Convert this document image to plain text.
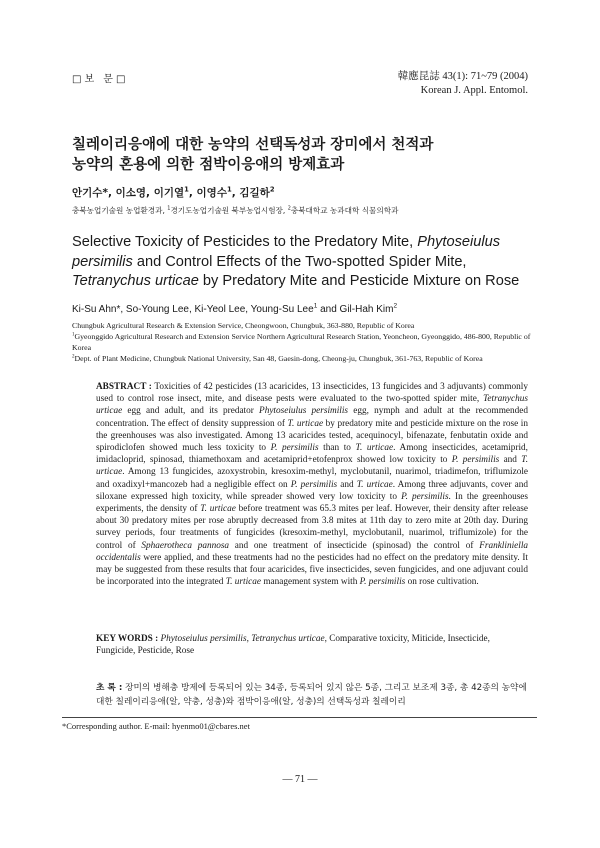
□보 문□	韓應昆誌 43(1): 71~79 (2004)
Korean J. Appl. Entomol.
칠레이리응애에 대한 농약의 선택독성과 장미에서 천적과
농약의 혼용에 의한 점박이응애의 방제효과
안기수*, 이소영, 이기열$^1$, 이영수$^1$, 김길하$^2$
충북농업기술원 농업환경과, $^1$경기도농업기술원 북부농업시험장, $^2$충북대학교 농과대학 식물의학과
Selective Toxicity of Pesticides to the Predatory Mite, Phytoseiulus persimilis and Control Effects of the Two-spotted Spider Mite, Tetranychus urticae by Predatory Mite and Pesticide Mixture on Rose
Ki-Su Ahn*, So-Young Lee, Ki-Yeol Lee, Young-Su Lee$^1$ and Gil-Hah Kim$^2$
Chungbuk Agricultural Research & Extension Service, Cheongwoon, Chungbuk, 363-880, Republic of Korea
$^1$Gyeonggido Agricultural Research and Extension Service Northern Agricultural Research Station, Yeoncheon, Gyeonggido, 486-800, Republic of Korea
$^2$Dept. of Plant Medicine, Chungbuk National University, San 48, Gaesin-dong, Cheong-ju, Chungbuk, 361-763, Republic of Korea
ABSTRACT : Toxicities of 42 pesticides (13 acaricides, 13 insecticides, 13 fungicides and 3 adjuvants) commonly used to control rose insect, mite, and disease pests were evaluated to the two-spotted spider mite, Tetranychus urticae egg and adult, and its predator Phytoseiulus persimilis egg, nymph and adult at the recommended concentration. The effect of density suppression of T. urticae by predatory mite and pesticide mixture on the rose in the greenhouses was also investigated. Among 13 acaricides tested, acequinocyl, bifenazate, fenbutatin oxide and spirodiclofen showed much less toxicity to P. persimilis than to T. urticae. Among insecticides, acetamiprid, imidacloprid, spinosad, thiamethoxam and acetamiprid+etofenprox showed low toxicity to P. persimilis and T. urticae. Among 13 fungicides, azoxystrobin, kresoxim-methyl, myclobutanil, nuarimol, triadimefon, triflumizole and oxadixyl+mancozeb had a negligible effect on P. persimilis and T. urticae. Among three adjuvants, cover and siloxane expressed high toxicity, while spreader showed very low toxicity to P. persimilis. In the greenhouses experiments, the density of T. urticae before treatment was 65.3 mites per leaf. However, their density after release about 30 predatory mites per rose abruptly decreased from 3.8 mites at 11th day to zero mite at 20th day. During survey periods, four treatments of fungicides (kresoxim-methyl, myclobutanil, nuarimol, triflumizole) for the control of Sphaerotheca pannosa and one treatment of insecticide (spinosad) the control of Frankliniella occidentalis were applied, and these treatments had no the pesticides had no effect on the predatory mite density. It may be suggested from these results that four acaricides, five insecticides, seven fungicides, and one adjuvant could be incorporated into the integrated T. urticae management system with P. persimilis on rose cultivation.
KEY WORDS : Phytoseiulus persimilis, Tetranychus urticae, Comparative toxicity, Miticide, Insecticide, Fungicide, Pesticide, Rose
초 록 : 장미의 병해충 방제에 등록되어 있는 34종, 등록되어 있지 않은 5종, 그리고 보조제 3종, 총 42종의 농약에 대한 칠레이리응애(알, 약충, 성충)와 점박이응애(알, 성충)의 선택독성과 칠레이리
*Corresponding author. E-mail: hyenmo01@cbares.net
— 71 —
